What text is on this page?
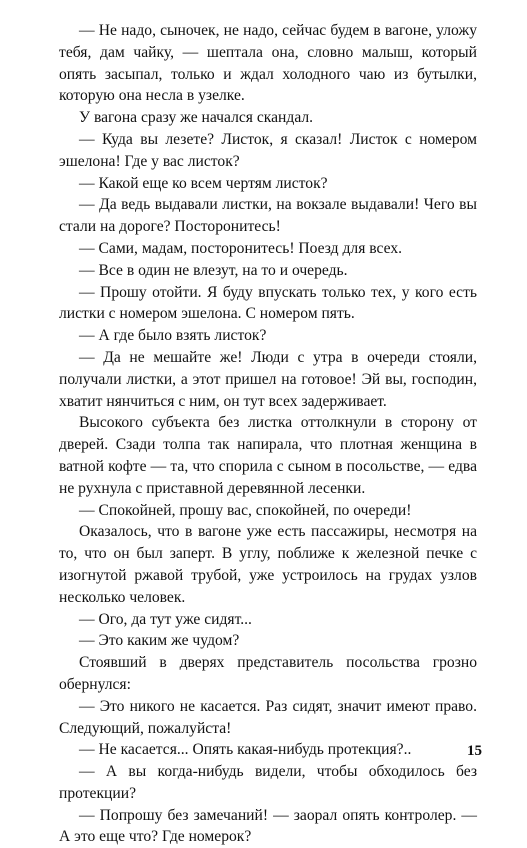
— Не надо, сыночек, не надо, сейчас будем в вагоне, уложу тебя, дам чайку, — шептала она, словно малыш, который опять засыпал, только и ждал холодного чаю из бутылки, которую она несла в узелке.

У вагона сразу же начался скандал.

— Куда вы лезете? Листок, я сказал! Листок с номером эшелона! Где у вас листок?

— Какой еще ко всем чертям листок?

— Да ведь выдавали листки, на вокзале выдавали! Чего вы стали на дороге? Посторонитесь!

— Сами, мадам, посторонитесь! Поезд для всех.

— Все в один не влезут, на то и очередь.

— Прошу отойти. Я буду впускать только тех, у кого есть листки с номером эшелона. С номером пять.

— А где было взять листок?

— Да не мешайте же! Люди с утра в очереди стояли, получали листки, а этот пришел на готовое! Эй вы, господин, хватит нянчиться с ним, он тут всех задерживает.

Высокого субъекта без листка оттолкнули в сторону от дверей. Сзади толпа так напирала, что плотная женщина в ватной кофте — та, что спорила с сыном в посольстве, — едва не рухнула с приставной деревянной лесенки.

— Спокойней, прошу вас, спокойней, по очереди!

Оказалось, что в вагоне уже есть пассажиры, несмотря на то, что он был заперт. В углу, поближе к железной печке с изогнутой ржавой трубой, уже устроилось на грудах узлов несколько человек.

— Ого, да тут уже сидят...

— Это каким же чудом?

Стоявший в дверях представитель посольства грозно обернулся:

— Это никого не касается. Раз сидят, значит имеют право. Следующий, пожалуйста!

— Не касается... Опять какая-нибудь протекция?..

— А вы когда-нибудь видели, чтобы обходилось без протекции?

— Попрошу без замечаний! — заорал опять контролер. — А это еще что? Где номерок?

15
